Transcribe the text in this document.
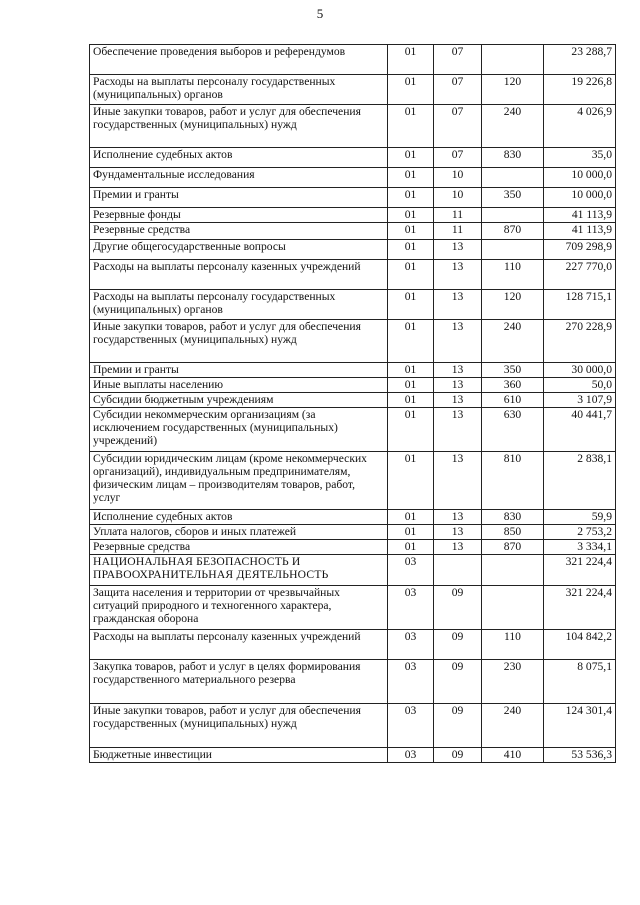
5
Обеспечение проведения выборов и референдумов	01	07		23 288,7
Расходы на выплаты персоналу государственных (муниципальных) органов	01	07	120	19 226,8
Иные закупки товаров, работ и услуг для обеспечения государственных (муниципальных) нужд	01	07	240	4 026,9
Исполнение судебных актов	01	07	830	35,0
Фундаментальные исследования	01	10		10 000,0
Премии и гранты	01	10	350	10 000,0
Резервные фонды	01	11		41 113,9
Резервные средства	01	11	870	41 113,9
Другие общегосударственные вопросы	01	13		709 298,9
Расходы на выплаты персоналу казенных учреждений	01	13	110	227 770,0
Расходы на выплаты персоналу государственных (муниципальных) органов	01	13	120	128 715,1
Иные закупки товаров, работ и услуг для обеспечения государственных (муниципальных) нужд	01	13	240	270 228,9
Премии и гранты	01	13	350	30 000,0
Иные выплаты населению	01	13	360	50,0
Субсидии бюджетным учреждениям	01	13	610	3 107,9
Субсидии некоммерческим организациям (за исключением государственных (муниципальных) учреждений)	01	13	630	40 441,7
Субсидии юридическим лицам (кроме некоммерческих организаций), индивидуальным предпринимателям, физическим лицам – производителям товаров, работ, услуг	01	13	810	2 838,1
Исполнение судебных актов	01	13	830	59,9
Уплата налогов, сборов и иных платежей	01	13	850	2 753,2
Резервные средства	01	13	870	3 334,1
НАЦИОНАЛЬНАЯ БЕЗОПАСНОСТЬ И ПРАВООХРАНИТЕЛЬНАЯ ДЕЯТЕЛЬНОСТЬ	03			321 224,4
Защита населения и территории от чрезвычайных ситуаций природного и техногенного характера, гражданская оборона	03	09		321 224,4
Расходы на выплаты персоналу казенных учреждений	03	09	110	104 842,2
Закупка товаров, работ и услуг в целях формирования государственного материального резерва	03	09	230	8 075,1
Иные закупки товаров, работ и услуг для обеспечения государственных (муниципальных) нужд	03	09	240	124 301,4
Бюджетные инвестиции	03	09	410	53 536,3
